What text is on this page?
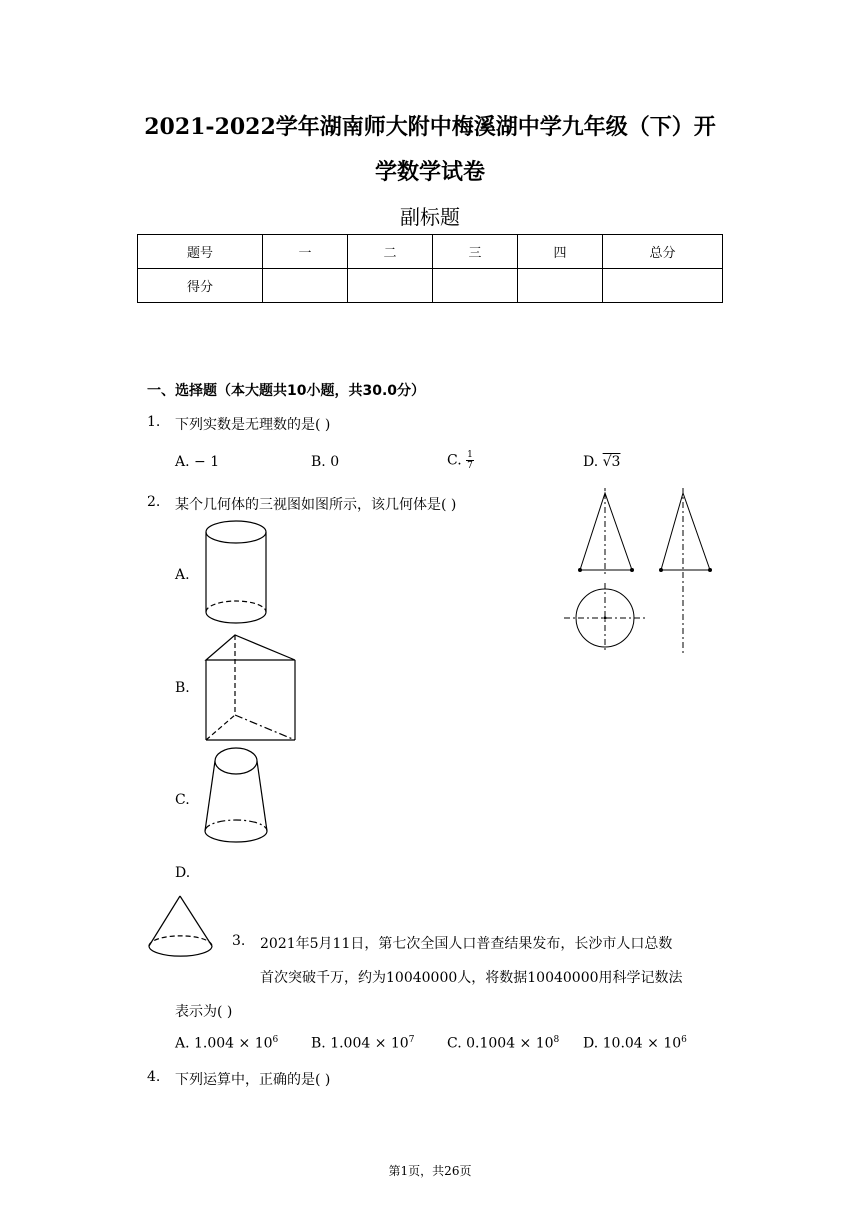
2021-2022学年湖南师大附中梅溪湖中学九年级（下）开
学数学试卷
副标题
题号	一	二	三	四	总分
得分					
一、选择题（本大题共10小题，共30.0分）
1. 下列实数是无理数的是( )
A. − 1	B. 0	C. $\frac{1}{7}$	D. √3
2. 某个几何体的三视图如图所示，该几何体是( )
A.
B.
C.
D.
3. 2021年5月11日，第七次全国人口普查结果发布，长沙市人口总数
首次突破千万，约为10040000人，将数据10040000用科学记数法
表示为( )
A. $1.004 \times 10^6$ B. $1.004 \times 10^7$ C. $0.1004 \times 10^8$ D. $10.04 \times 10^6$
4. 下列运算中，正确的是( )
第1页，共26页
